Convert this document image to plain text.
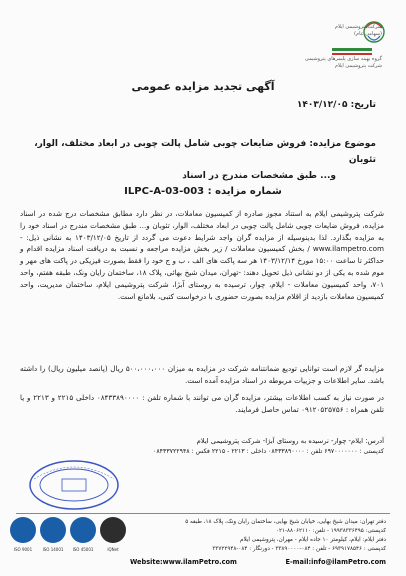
شرکت پتروشیمی ایلام
(سهامی عام)
گروه بهینه سازی پلیمرهای پتروشیمی
شرکت پتروشیمی ایلام
آگهی تجدید مزایده عمومی
تاریخ: ۱۴۰۳/۱۲/۰۵
موضوع مزایده: فروش ضایعات چوبی شامل پالت چوبی در ابعاد مختلف، الوار، تئوبان
و... طبق مشخصات مندرج در اسناد
شماره مزایده : ILPC-A-03-003
شرکت پتروشیمی ایلام به استناد مجوز صادره از کمیسیون معاملات، در نظر دارد مطابق مشخصات درج شده در اسناد مزایده، فروش ضایعات چوبی شامل پالت چوبی در ابعاد مختلف، الوار، تئوبان و... طبق مشخصات مندرج در اسناد خود را به مزایده بگذارد. لذا بدینوسیله از مزایده گران واجد شرایط دعوت می گردد از تاریخ ۱۴۰۳/۱۲/۰۵ به نشانی ذیل: - www.ilampetro.com / بخش کمیسیون معاملات / زیر بخش مزایده مراجعه و نسبت به دریافت اسناد مزایده اقدام و حداکثر تا ساعت ۱۵:۰۰ مورخ ۱۴۰۳/۱۲/۱۴ هر سه پاکت های الف ، ب و ج خود را فقط بصورت فیزیکی در پاکت های مهر و موم شده به یکی از دو نشانی ذیل تحویل دهند: -تهران، میدان شیخ بهائی، پلاک ۱۸، ساختمان رایان ونک، طبقه هفتم، واحد ۷۰۱، واحد کمیسیون معاملات - ایلام، چوار، ترسیده به روستای آبژا، شرکت پتروشیمی ایلام، ساختمان مدیریت، واحد کمیسیون معاملات بازدید از اقلام مزایده بصورت حضوری با درخواست کتبی، بلامانع است.
مزایده گر لازم است توانایی تودیع ضمانتنامه شرکت در مزایده به میزان ۵۰۰،۰۰۰،۰۰۰ ریال (پانصد میلیون ریال) را داشته باشد. سایر اطلاعات و جزییات مربوطه در اسناد مزایده آمده است.
در صورت نیاز به کسب اطلاعات بیشتر، مزایده گران می توانند با شماره تلفن : ۰۸۴۳۳۸۹۰۰۰۰ داخلی ۲۲۱۵ و ۲۲۱۳ و یا تلفن همراه : ۰۹۱۲۰۵۲۵۷۵۶ تماس حاصل فرمایند.
آدرس: ایلام- چوار- نرسیده به روستای آبژا- شرکت پتروشیمی ایلام
کدپستی : ۶۹۷۰۰۰۰۰۰۰ تلفن : ۰۸۴۳۳۸۹۰۰۰۰ داخلی : ۲۲۱۳ - ۲۲۱۵ فکس : ۰۸۴۳۳۷۲۲۹۴۸
ISO 9001	ISO 14001	ISO 45001	IQNet
دفتر تهران: میدان شیخ بهایی، خیابان شیخ بهایی، ساختمان رایان ونک، پلاک ۱۸، طبقه ۵
کدپستی: ۱۹۹۳۸۳۳۶۴۹۵ - تلفن: ۸۸۰۶۲۱۱۰-۰۲۱
دفتر ایلام: ایلام، کیلومتر ۱۰ جاده ایلام - مهران، پتروشیمی ایلام
کدپستی : ۶۹۳۹۱۷۸۵۴۶ - تلفن : ۰۸۴-۳۳۸۹۰۰۰۰ - دورنگار : ۰۸۴-۳۳۷۲۲۹۴۸
Website:www.ilamPetro.com	E-mail:info@ilamPetro.com
